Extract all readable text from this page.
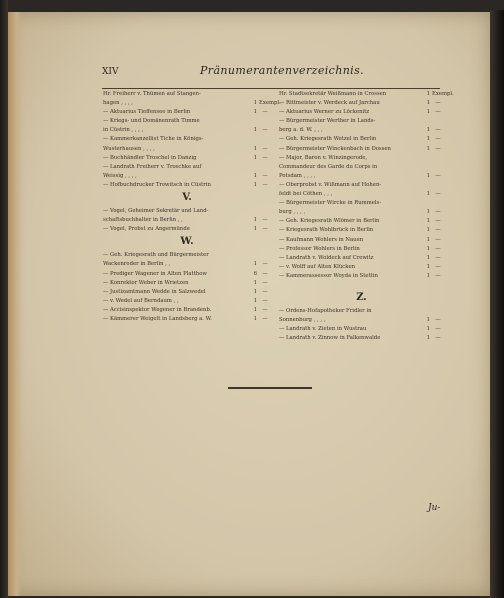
XIV	Pränumerantenverzeichnis.
Hr. Freiherr v. Thümen auf Stangen-
hagen , , , ,	1 Exempl.
— Aktuarius Tieffensee in Berlin	1	—
— Kriegs- und Domänenrath Timme
in Cüstrin , , , ,	1	—
— Kammerkanzellist Tiche in Königs-
Wusterhausen , , , ,	1	—
— Buchhändler Troschel in Danzig	1	—
— Landrath Freiherr v. Troschke auf
Weissig , , , ,	1	—
— Hofbuchdrucker Trowitsch in Cüstrin	1	—
V.
— Vogel, Geheimer Sekretär und Land-
schaftsbuchhalter in Berlin , ,	1	—
— Vogel, Probst zu Angermünde	1	—
W.
— Geh. Kriegesrath und Bürgermeister
Wackenroder in Berlin , ,	1	—
— Prediger Wagener in Alten Platthow	6	—
— Konrektor Weber in Wrietzen	1	—
— Justizamtmann Wedde in Salzwedel	1	—
— v. Wedel auf Berndaum , ,	1	—
— Accisinspektor Wegener in Brandenb.	1	—
— Kämmerer Weigelt in Landsberg a. W.	1	—
Hr. Stadtsekretär Weißmann in Crossen	1 Exempl.
— Rittmeister v. Werdeck auf Jarchau	1	—
— Aktuarius Werner zu Löckenitz	1	—
— Bürgermeister Werther in Lands-
berg a. d. W. , , ,	1	—
— Geh. Kriegesrath Wetzel in Berlin	1	—
— Bürgermeister Winckenbach in Dossen	1	—
— Major, Baron v. Winzingerode,
Commandeur des Garde du Corps in
Potsdam , , , ,	1	—
— Oberprobst v. Wißmann auf Hohen-
feldt bei Cöthen , , ,	1	—
— Bürgermeister Wircke in Rummels-
burg , , , ,	1	—
— Geh. Kriegesrath Wlömer in Berlin	1	—
— Kriegesrath Wohlbrück in Berlin	1	—
— Kaufmann Wohlers in Nauen	1	—
— Professor Wohlers in Berlin	1	—
— Landrath v. Woldeck auf Crewitz	1	—
— v. Wolff auf Alten Klücken	1	—
— Kammerassessor Woyda in Stettin	1	—
Z.
— Ordens-Hofapotheker Fridler in
Sonnenburg , , , ,	1	—
— Landrath v. Zieten in Wustrau	1	—
— Landrath v. Zinnow in Falkenwalde	1	—
Ju-
